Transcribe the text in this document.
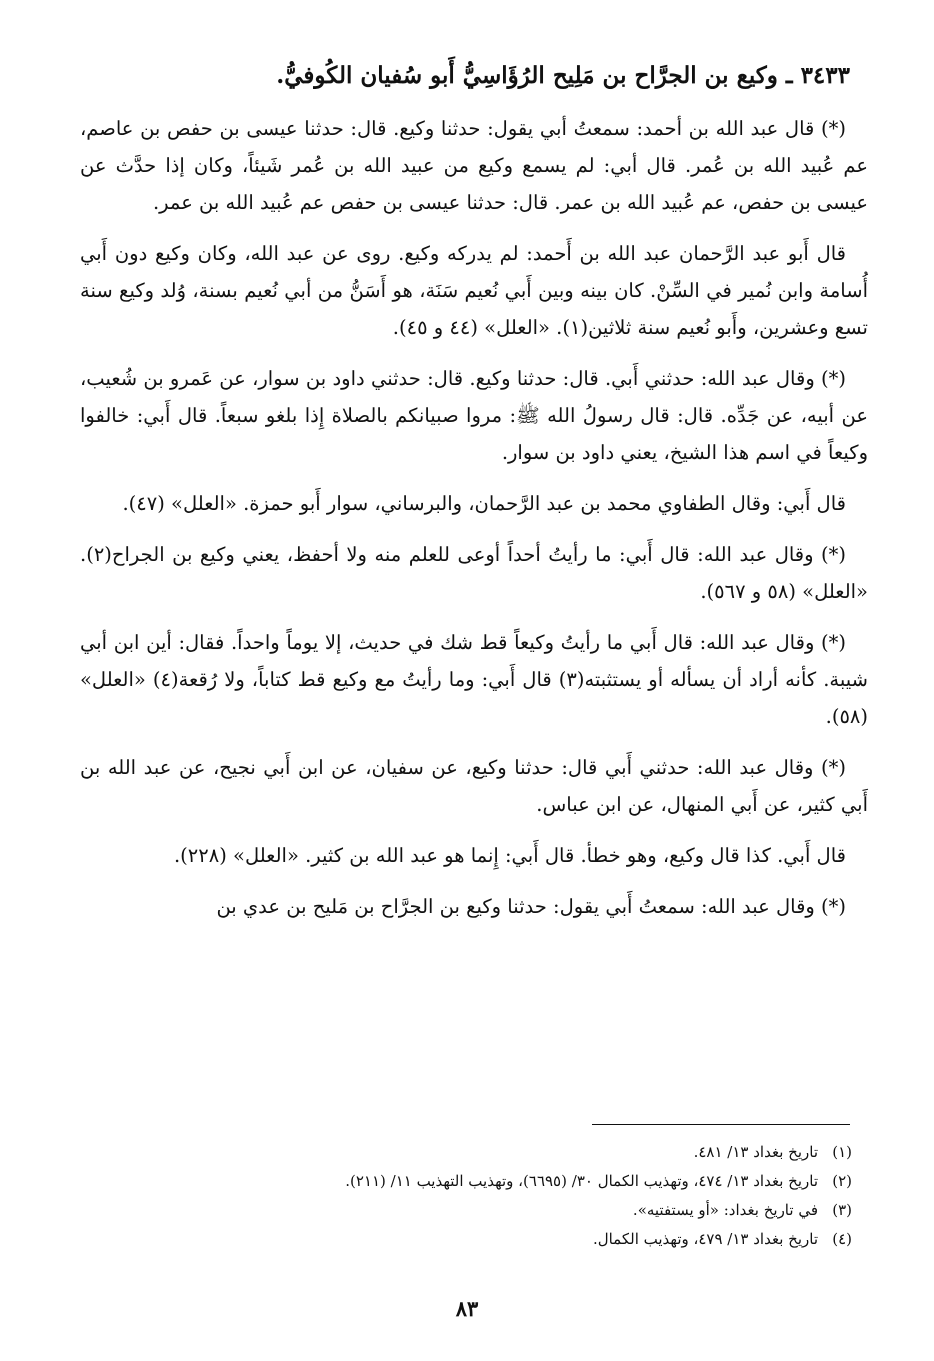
٣٤٣٣ ـ وكيع بن الجرَّاح بن مَلِيح الرُؤَاسِيُّ أَبو سُفيان الكُوفيُّ.

(*) قال عبد الله بن أحمد: سمعتُ أبي يقول: حدثنا وكيع. قال: حدثنا عيسى بن حفص بن عاصم، عم عُبيد الله بن عُمر. قال أبي: لم يسمع وكيع من عبيد الله بن عُمر شَيئاً، وكان إذا حدَّث عن عيسى بن حفص، عم عُبيد الله بن عمر. قال: حدثنا عيسى بن حفص عم عُبيد الله بن عمر.

قال أَبو عبد الرَّحمان عبد الله بن أَحمد: لم يدركه وكيع. روى عن عبد الله، وكان وكيع دون أَبي أُسامة وابن نُمير في السِّنْ. كان بينه وبين أَبي نُعيم سَنَة، هو أَسَنُّ من أبي نُعيم بسنة، وُلد وكيع سنة تسع وعشرين، وأَبو نُعيم سنة ثلاثين(١). «العلل» (٤٤ و ٤٥).

(*) وقال عبد الله: حدثني أَبي. قال: حدثنا وكيع. قال: حدثني داود بن سوار، عن عَمرو بن شُعيب، عن أبيه، عن جَدِّه. قال: قال رسولُ الله ﷺ: مروا صبيانكم بالصلاة إِذا بلغو سبعاً. قال أَبي: خالفوا وكيعاً في اسم هذا الشيخ، يعني داود بن سوار.

قال أَبي: وقال الطفاوي محمد بن عبد الرَّحمان، والبرساني، سوار أَبو حمزة. «العلل» (٤٧).

(*) وقال عبد الله: قال أَبي: ما رأيتُ أحداً أوعى للعلم منه ولا أحفظ، يعني وكيع بن الجراح(٢). «العلل» (٥٨ و ٥٦٧).

(*) وقال عبد الله: قال أَبي ما رأيتُ وكيعاً قط شك في حديث، إلا يوماً واحداً. فقال: أين ابن أبي شيبة. كأنه أراد أن يسأله أو يستثبته(٣) قال أَبي: وما رأيتُ مع وكيع قط كتاباً، ولا رُقعة(٤) «العلل» (٥٨).

(*) وقال عبد الله: حدثني أَبي قال: حدثنا وكيع، عن سفيان، عن ابن أَبي نجيح، عن عبد الله بن أَبي كثير، عن أَبي المنهال، عن ابن عباس.

قال أَبي. كذا قال وكيع، وهو خطأ. قال أَبي: إِنما هو عبد الله بن كثير. «العلل» (٢٢٨).

(*) وقال عبد الله: سمعتُ أَبي يقول: حدثنا وكيع بن الجرَّاح بن مَليح بن عدي بن

(١)تاريخ بغداد ١٣/ ٤٨١.
(٢)تاريخ بغداد ١٣/ ٤٧٤، وتهذيب الكمال ٣٠/ (٦٦٩٥)، وتهذيب التهذيب ١١/ (٢١١).
(٣)في تاريخ بغداد: «أو يستفتيه».
(٤)تاريخ بغداد ١٣/ ٤٧٩، وتهذيب الكمال.
٨٣
